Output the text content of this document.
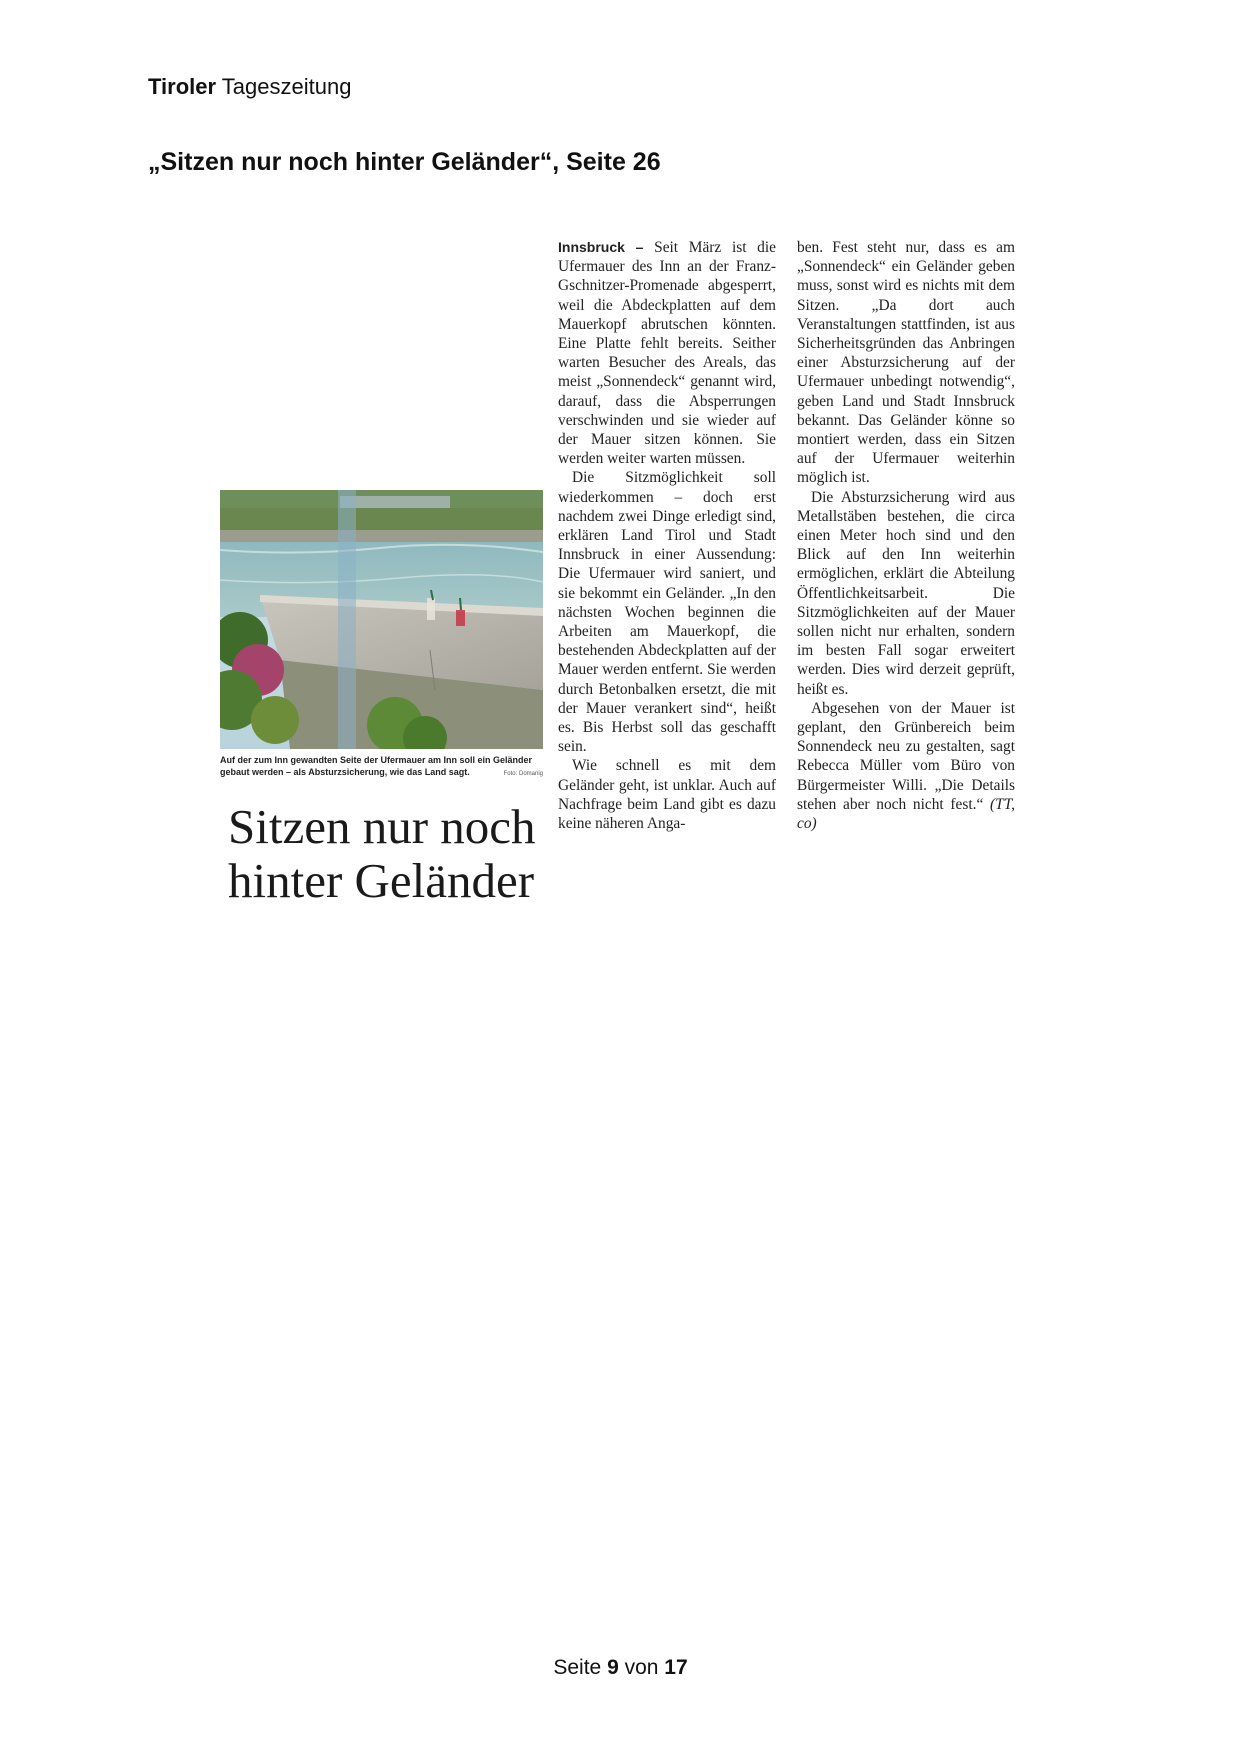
Tiroler Tageszeitung
„Sitzen nur noch hinter Geländer“, Seite 26
Auf der zum Inn gewandten Seite der Ufermauer am Inn soll ein Geländer gebaut werden – als Absturzsicherung, wie das Land sagt.	Foto: Domanig
Sitzen nur noch
hinter Geländer

Innsbruck – Seit März ist die Ufermauer des Inn an der Franz-Gschnitzer-Promenade abgesperrt, weil die Abdeckplatten auf dem Mauerkopf abrutschen könnten. Eine Platte fehlt bereits. Seither warten Besucher des Areals, das meist „Sonnendeck“ genannt wird, darauf, dass die Absperrungen verschwinden und sie wieder auf der Mauer sitzen können. Sie werden weiter warten müssen.

Die Sitzmöglichkeit soll wiederkommen – doch erst nachdem zwei Dinge erledigt sind, erklären Land Tirol und Stadt Innsbruck in einer Aussendung: Die Ufermauer wird saniert, und sie bekommt ein Geländer. „In den nächsten Wochen beginnen die Arbeiten am Mauerkopf, die bestehenden Abdeckplatten auf der Mauer werden entfernt. Sie werden durch Betonbalken ersetzt, die mit der Mauer verankert sind“, heißt es. Bis Herbst soll das geschafft sein.

Wie schnell es mit dem Geländer geht, ist unklar. Auch auf Nachfrage beim Land gibt es dazu keine näheren Anga-

ben. Fest steht nur, dass es am „Sonnendeck“ ein Geländer geben muss, sonst wird es nichts mit dem Sitzen. „Da dort auch Veranstaltungen stattfinden, ist aus Sicherheitsgründen das Anbringen einer Absturzsicherung auf der Ufermauer unbedingt notwendig“, geben Land und Stadt Innsbruck bekannt. Das Geländer könne so montiert werden, dass ein Sitzen auf der Ufermauer weiterhin möglich ist.

Die Absturzsicherung wird aus Metallstäben bestehen, die circa einen Meter hoch sind und den Blick auf den Inn weiterhin ermöglichen, erklärt die Abteilung Öffentlichkeitsarbeit. Die Sitzmöglichkeiten auf der Mauer sollen nicht nur erhalten, sondern im besten Fall sogar erweitert werden. Dies wird derzeit geprüft, heißt es.

Abgesehen von der Mauer ist geplant, den Grünbereich beim Sonnendeck neu zu gestalten, sagt Rebecca Müller vom Büro von Bürgermeister Willi. „Die Details stehen aber noch nicht fest.“ (TT, co)

Seite 9 von 17
